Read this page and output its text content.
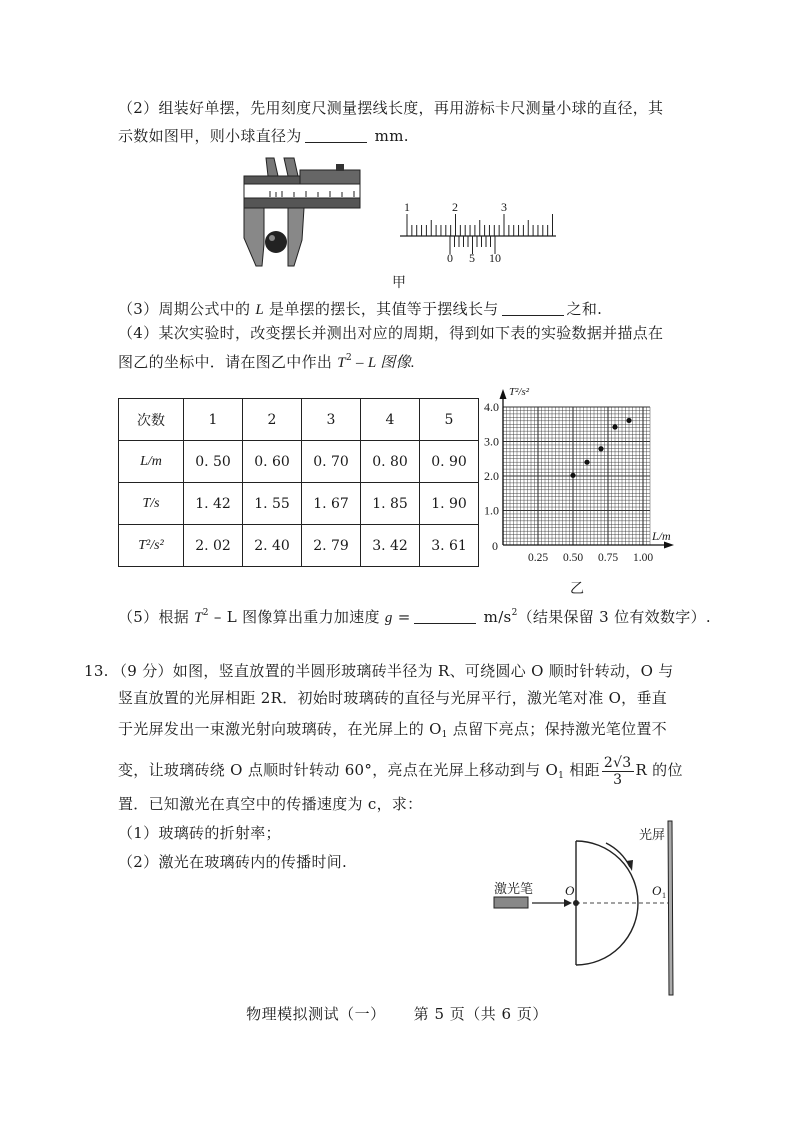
（2）组装好单摆，先用刻度尺测量摆线长度，再用游标卡尺测量小球的直径，其
示数如图甲，则小球直径为	mm.
1	2	3
0 5 10
甲
（3）周期公式中的 L 是单摆的摆长，其值等于摆线长与	之和.
（4）某次实验时，改变摆长并测出对应的周期，得到如下表的实验数据并描点在
图乙的坐标中．请在图乙中作出 $T^2$ – L 图像.
次数	1	2	3	4	5
L/m	0. 50	0. 60	0. 70	0. 80	0. 90
T/s	1. 42	1. 55	1. 67	1. 85	1. 90
T²/s²	2. 02	2. 40	2. 79	3. 42	3. 61
1.0
2.0
3.0
4.0
0.25 0.50 0.75 1.00
T²/s²
L/m
0
乙
（5）根据 $T^2$ – L 图像算出重力加速度 g =	$m/s^2$（结果保留 3 位有效数字）.
13. （9 分）如图，竖直放置的半圆形玻璃砖半径为 R、可绕圆心 O 顺时针转动，O 与
竖直放置的光屏相距 2R．初始时玻璃砖的直径与光屏平行，激光笔对准 O，垂直
于光屏发出一束激光射向玻璃砖，在光屏上的 $O_1$ 点留下亮点；保持激光笔位置不
变，让玻璃砖绕 O 点顺时针转动 60°，亮点在光屏上移动到与 $O_1$ 相距 $\frac{2√3}{3}$ R 的位
置．已知激光在真空中的传播速度为 c，求：
（1）玻璃砖的折射率；
（2）激光在玻璃砖内的传播时间.
光屏
O	O 1
激光笔
物理模拟测试（一） 第 5 页（共 6 页）
